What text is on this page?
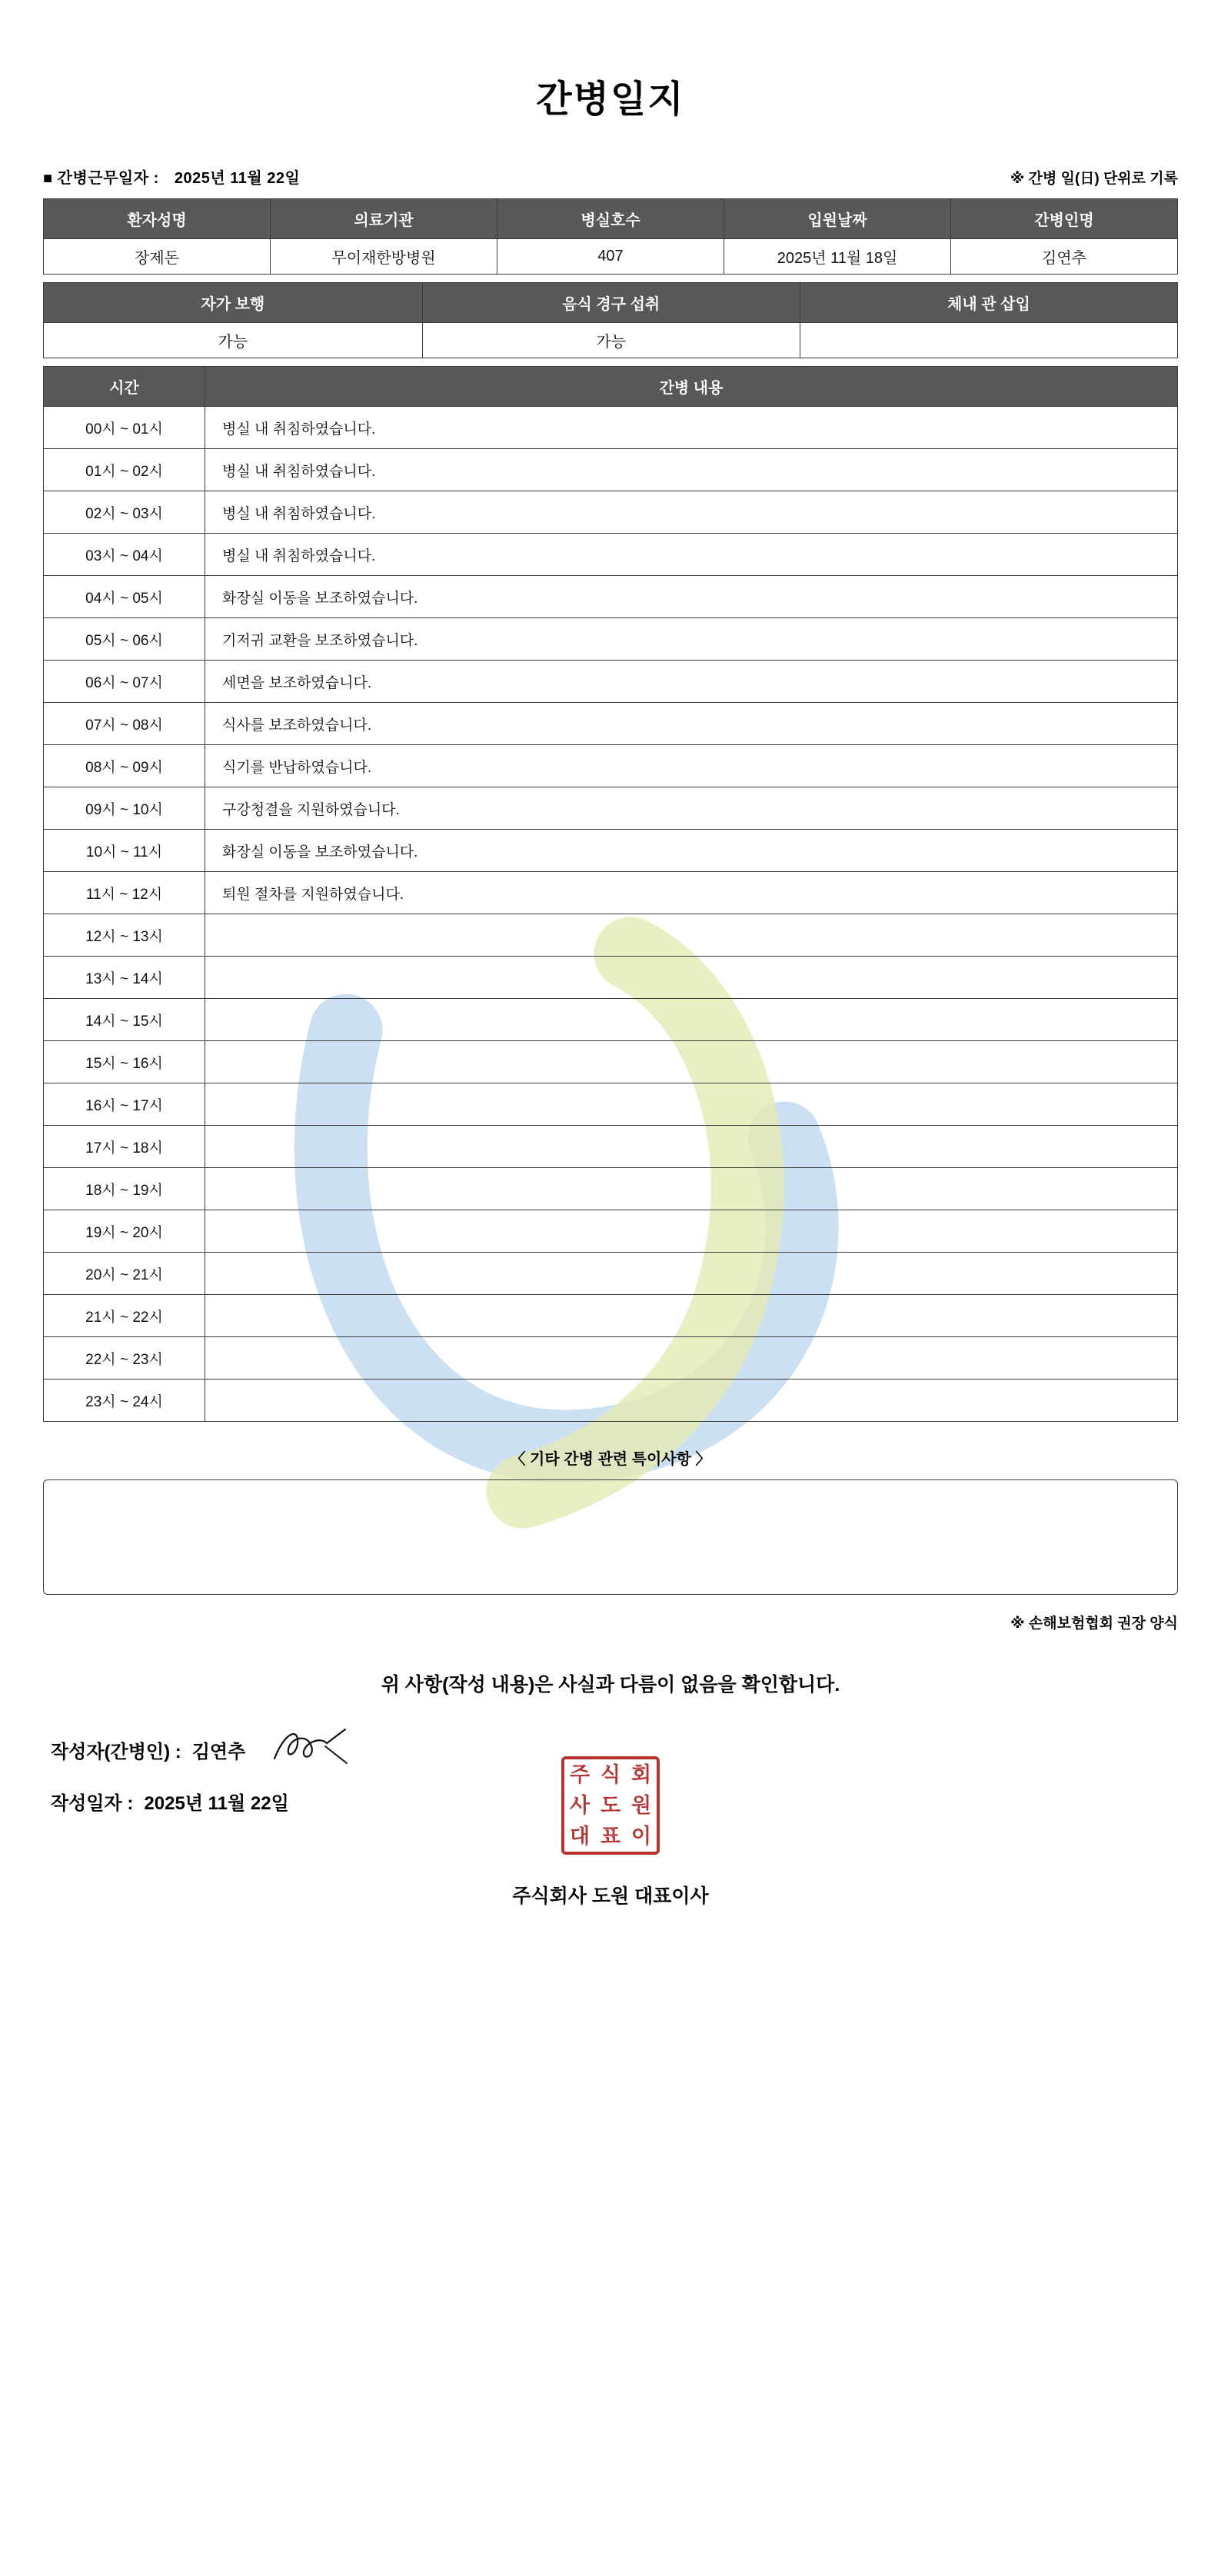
간병일지
■ 간병근무일자 : 2025년 11월 22일	※ 간병 일(日) 단위로 기록
환자성명	의료기관	병실호수	입원날짜	간병인명
장제돈	무이재한방병원	407	2025년 11월 18일	김연추
자가 보행	음식 경구 섭취	체내 관 삽입
가능	가능	
시간	간병 내용
00시 ~ 01시	병실 내 취침하였습니다.
01시 ~ 02시	병실 내 취침하였습니다.
02시 ~ 03시	병실 내 취침하였습니다.
03시 ~ 04시	병실 내 취침하였습니다.
04시 ~ 05시	화장실 이동을 보조하였습니다.
05시 ~ 06시	기저귀 교환을 보조하였습니다.
06시 ~ 07시	세면을 보조하였습니다.
07시 ~ 08시	식사를 보조하였습니다.
08시 ~ 09시	식기를 반납하였습니다.
09시 ~ 10시	구강청결을 지원하였습니다.
10시 ~ 11시	화장실 이동을 보조하였습니다.
11시 ~ 12시	퇴원 절차를 지원하였습니다.
12시 ~ 13시	
13시 ~ 14시	
14시 ~ 15시	
15시 ~ 16시	
16시 ~ 17시	
17시 ~ 18시	
18시 ~ 19시	
19시 ~ 20시	
20시 ~ 21시	
21시 ~ 22시	
22시 ~ 23시	
23시 ~ 24시	
〈 기타 간병 관련 특이사항 〉
※ 손해보험협회 권장 양식
위 사항(작성 내용)은 사실과 다름이 없음을 확인합니다.
작성자(간병인) : 김연추
작성일자 : 2025년 11월 22일
주 식 회
사 도 원
대 표 이
주식회사 도원 대표이사
